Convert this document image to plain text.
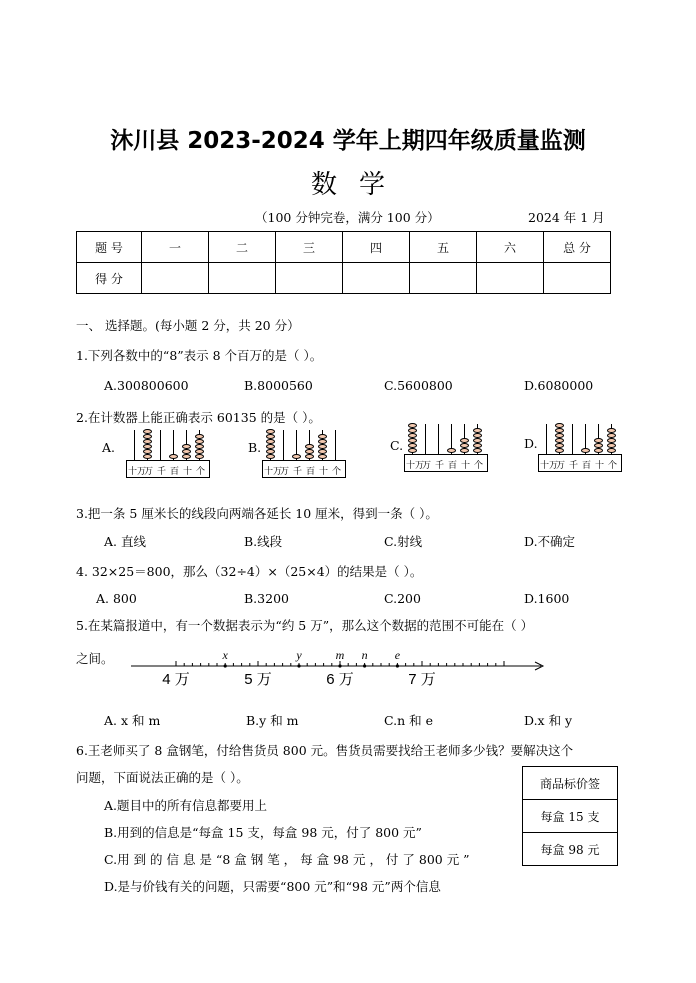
沐川县 2023-2024 学年上期四年级质量监测
数学
（100 分钟完卷，满分 100 分）	2024 年 1 月
题 号	一	二	三	四	五	六	总 分
得 分							
一、 选择题。(每小题 2 分，共 20 分）
1.下列各数中的“8”表示 8 个百万的是（ ）。
A.300800600	B.8000560	C.5600800	D.6080000
2.在计数器上能正确表示 60135 的是（ ）。
A.	B.	C.	D.
十万
万 千 百 十 个	十万
万 千 百 十 个
十万
万 千 百 十 个	十万
万 千 百 十 个
3.把一条 5 厘米长的线段向两端各延长 10 厘米，得到一条（ ）。
A. 直线	B.线段	C.射线	D.不确定
4. 32×25＝800，那么（32÷4）×（25×4）的结果是（ ）。
A. 800	B.3200	C.200	D.1600
5.在某篇报道中，有一个数据表示为“约 5 万”，那么这个数据的范围不可能在（ ）
之间。
4 万	5 万	6 万	7 万
x	y	m n e
A. x 和 m	B.y 和 m	C.n 和 e	D.x 和 y
6.王老师买了 8 盒钢笔，付给售货员 800 元。售货员需要找给王老师多少钱？要解决这个
问题，下面说法正确的是（ ）。
A.题目中的所有信息都要用上
B.用到的信息是“每盒 15 支，每盒 98 元，付了 800 元”
C.用 到 的 信 息 是 “8 盒 钢 笔 ， 每 盒 98 元 ， 付 了 800 元 ”
D.是与价钱有关的问题，只需要“800 元”和“98 元”两个信息
商品标价签
每盒 15 支
每盒 98 元
